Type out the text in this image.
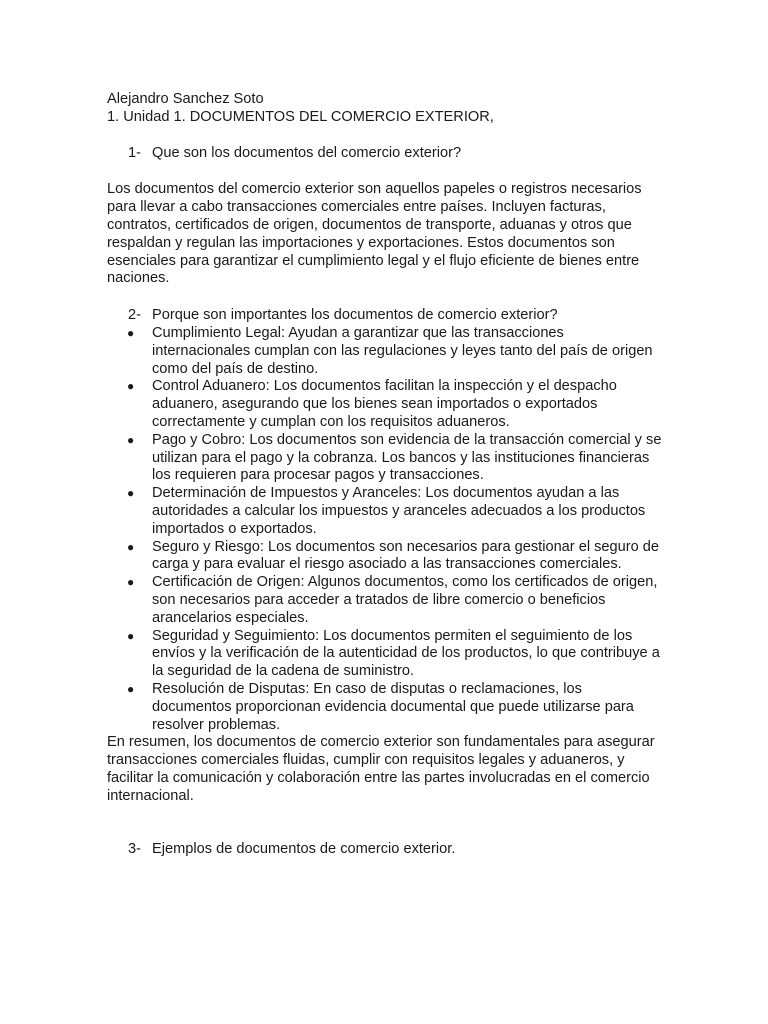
Alejandro Sanchez Soto

1. Unidad 1. DOCUMENTOS DEL COMERCIO EXTERIOR,

1- Que son los documentos del comercio exterior?

Los documentos del comercio exterior son aquellos papeles o registros necesarios para llevar a cabo transacciones comerciales entre países. Incluyen facturas, contratos, certificados de origen, documentos de transporte, aduanas y otros que respaldan y regulan las importaciones y exportaciones. Estos documentos son esenciales para garantizar el cumplimiento legal y el flujo eficiente de bienes entre naciones.

2- Porque son importantes los documentos de comercio exterior?

● Cumplimiento Legal: Ayudan a garantizar que las transacciones internacionales cumplan con las regulaciones y leyes tanto del país de origen como del país de destino.
● Control Aduanero: Los documentos facilitan la inspección y el despacho aduanero, asegurando que los bienes sean importados o exportados correctamente y cumplan con los requisitos aduaneros.
● Pago y Cobro: Los documentos son evidencia de la transacción comercial y se utilizan para el pago y la cobranza. Los bancos y las instituciones financieras los requieren para procesar pagos y transacciones.
● Determinación de Impuestos y Aranceles: Los documentos ayudan a las autoridades a calcular los impuestos y aranceles adecuados a los productos importados o exportados.
● Seguro y Riesgo: Los documentos son necesarios para gestionar el seguro de carga y para evaluar el riesgo asociado a las transacciones comerciales.
● Certificación de Origen: Algunos documentos, como los certificados de origen, son necesarios para acceder a tratados de libre comercio o beneficios arancelarios especiales.
● Seguridad y Seguimiento: Los documentos permiten el seguimiento de los envíos y la verificación de la autenticidad de los productos, lo que contribuye a la seguridad de la cadena de suministro.
● Resolución de Disputas: En caso de disputas o reclamaciones, los documentos proporcionan evidencia documental que puede utilizarse para resolver problemas.

En resumen, los documentos de comercio exterior son fundamentales para asegurar transacciones comerciales fluidas, cumplir con requisitos legales y aduaneros, y facilitar la comunicación y colaboración entre las partes involucradas en el comercio internacional.

3- Ejemplos de documentos de comercio exterior.
